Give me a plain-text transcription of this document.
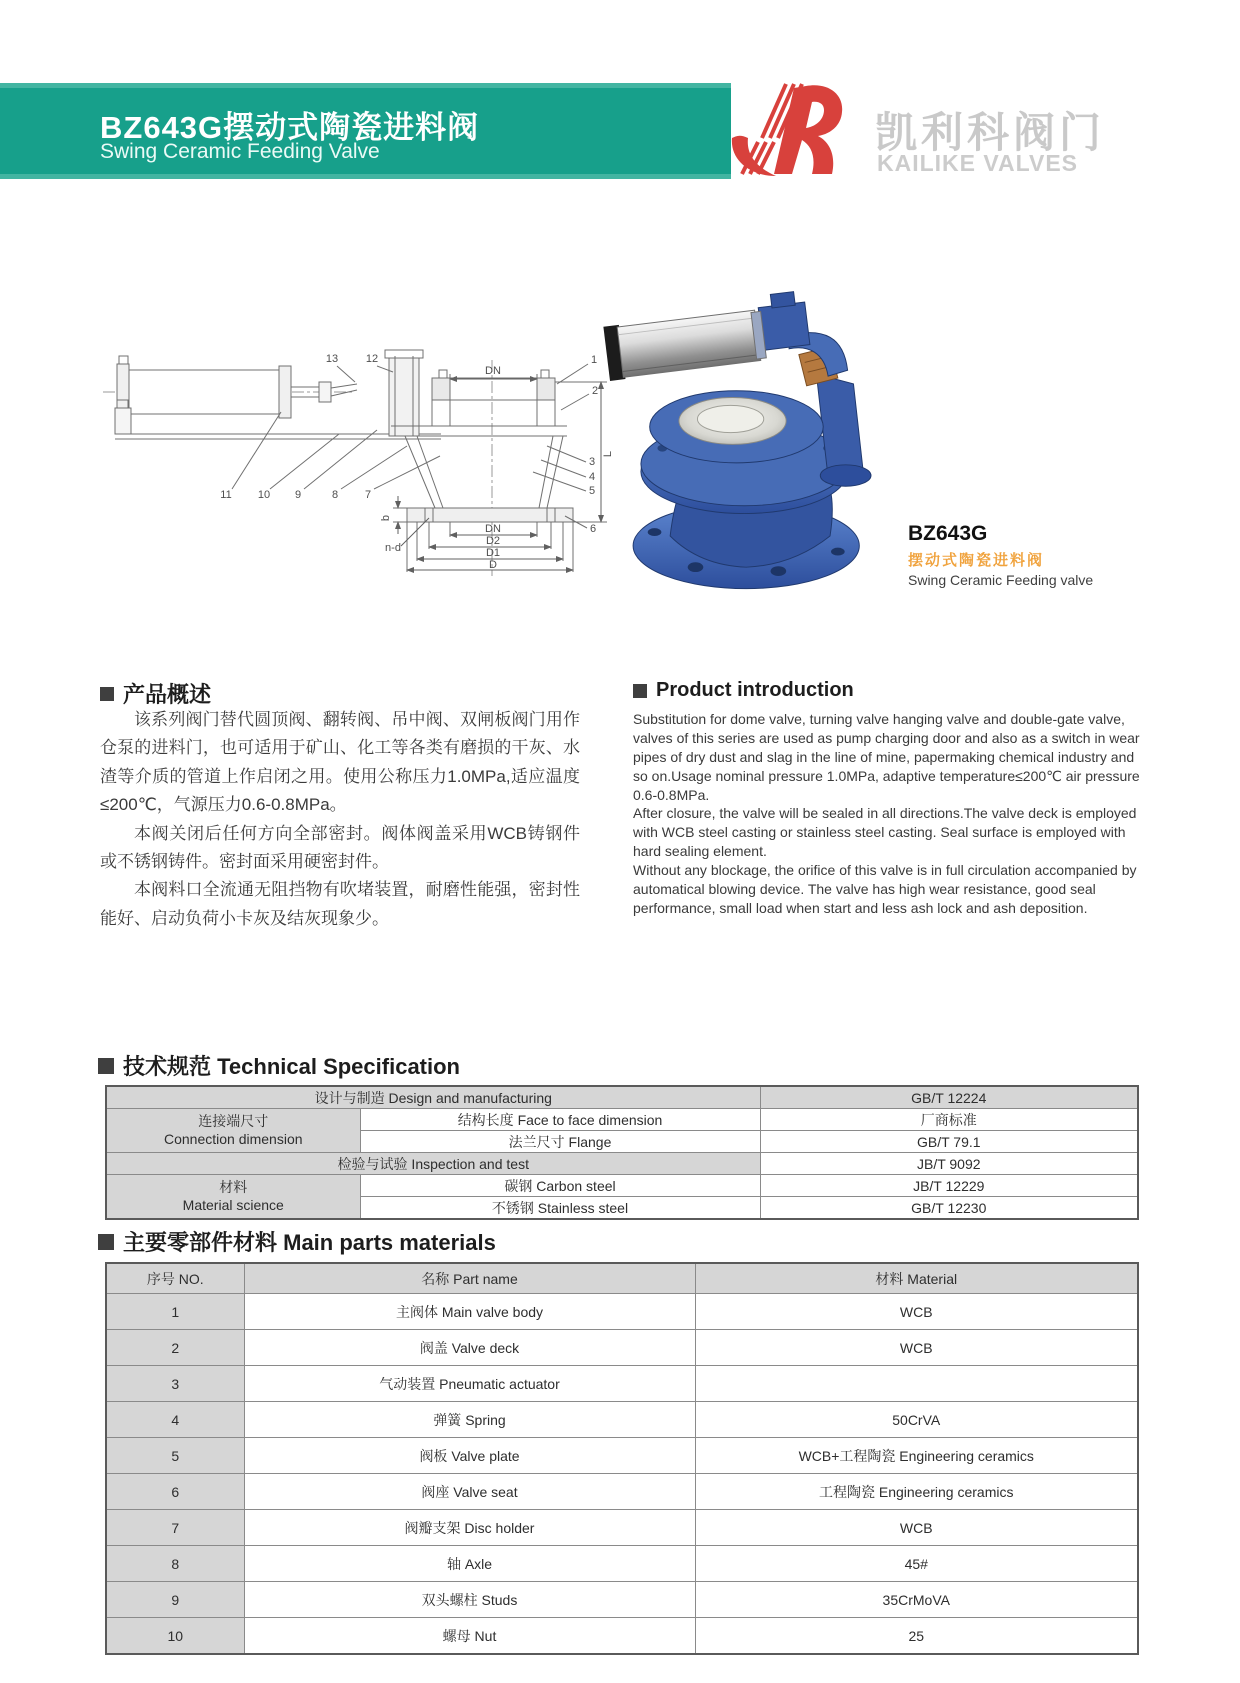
BZ643G摆动式陶瓷进料阀
Swing Ceramic Feeding Valve	凯利科阀门
KAILIKE VALVES
13	12	1
2
3
4
5
6
7
8
9
10
11
DN
DN
D2
D1
D
b
n-d
L
BZ643G
摆动式陶瓷进料阀
Swing Ceramic Feeding valve
产品概述

该系列阀门替代圆顶阀、翻转阀、吊中阀、双闸板阀门用作仓泵的进料门，也可适用于矿山、化工等各类有磨损的干灰、水渣等介质的管道上作启闭之用。使用公称压力1.0MPa,适应温度≤200℃，气源压力0.6-0.8MPa。

本阀关闭后任何方向全部密封。阀体阀盖采用WCB铸钢件或不锈钢铸件。密封面采用硬密封件。

本阀料口全流通无阻挡物有吹堵装置，耐磨性能强，密封性能好、启动负荷小卡灰及结灰现象少。

Product introduction

Substitution for dome valve, turning valve hanging valve and double-gate valve, valves of this series are used as pump charging door and also as a switch in wear pipes of dry dust and slag in the line of mine, papermaking chemical industry and so on.Usage nominal pressure 1.0MPa, adaptive temperature≤200℃ air pressure 0.6-0.8MPa.

After closure, the valve will be sealed in all directions.The valve deck is employed with WCB steel casting or stainless steel casting. Seal surface is employed with hard sealing element.

Without any blockage, the orifice of this valve is in full circulation accompanied by automatical blowing device. The valve has high wear resistance, good seal performance, small load when start and less ash lock and ash deposition.

技术规范 Technical Specification
设计与制造 Design and manufacturing		GB/T 12224

连接端尺寸
Connection dimension	结构长度 Face to face dimension	厂商标准
	法兰尺寸 Flange	GB/T 79.1
检验与试验 Inspection and test		JB/T 9092

材料
Material science	碳钢 Carbon steel	JB/T 12229
	不锈钢 Stainless steel	GB/T 12230
主要零部件材料 Main parts materials
序号 NO.	名称 Part name	材料 Material
1	主阀体 Main valve body	WCB
2	阀盖 Valve deck	WCB
3	气动装置 Pneumatic actuator	
4	弹簧 Spring	50CrVA
5	阀板 Valve plate	WCB+工程陶瓷 Engineering ceramics
6	阀座 Valve seat	工程陶瓷 Engineering ceramics
7	阀瓣支架 Disc holder	WCB
8	轴 Axle	45#
9	双头螺柱 Studs	35CrMoVA
10	螺母 Nut	25
